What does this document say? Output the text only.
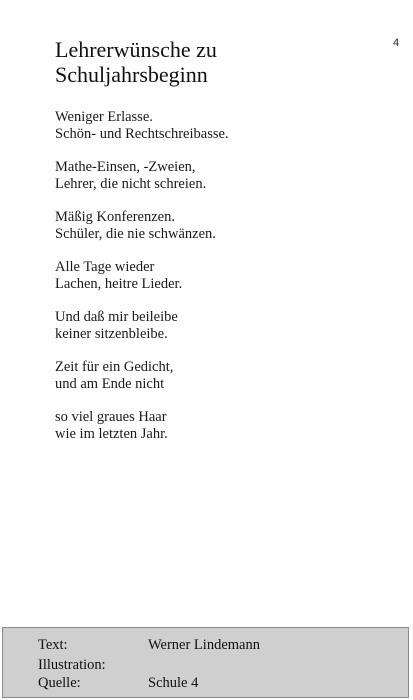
4
Lehrerwünsche zu
Schuljahrsbeginn

Weniger Erlasse.
Schön- und Rechtschreibasse.

Mathe-Einsen, -Zweien,
Lehrer, die nicht schreien.

Mäßig Konferenzen.
Schüler, die nie schwänzen.

Alle Tage wieder
Lachen, heitre Lieder.

Und daß mir beileibe
keiner sitzenbleibe.

Zeit für ein Gedicht,
und am Ende nicht

so viel graues Haar
wie im letzten Jahr.

Text:	Werner Lindemann
Illustration:
Quelle:	Schule 4
